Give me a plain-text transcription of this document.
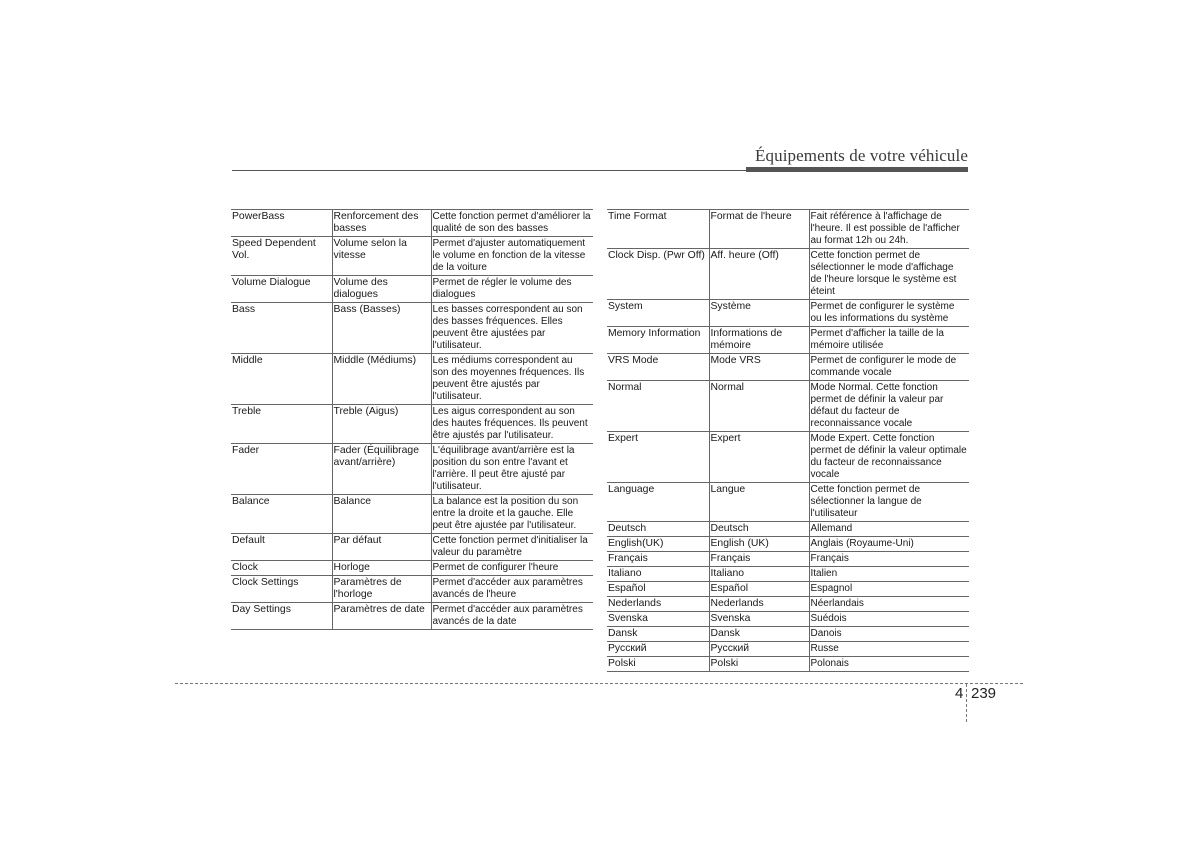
Équipements de votre véhicule
PowerBass	Renforcement des basses	Cette fonction permet d'améliorer la qualité de son des basses
Speed Dependent Vol.	Volume selon la vitesse	Permet d'ajuster automatiquement le volume en fonction de la vitesse de la voiture
Volume Dialogue	Volume des dialogues	Permet de régler le volume des dialogues
Bass	Bass (Basses)	Les basses correspondent au son des basses fréquences. Elles peuvent être ajustées par l'utilisateur.
Middle	Middle (Médiums)	Les médiums correspondent au son des moyennes fréquences. Ils peuvent être ajustés par l'utilisateur.
Treble	Treble (Aigus)	Les aigus correspondent au son des hautes fréquences. Ils peuvent être ajustés par l'utilisateur.
Fader	Fader (Équilibrage avant/arrière)	L'équilibrage avant/arrière est la position du son entre l'avant et l'arrière. Il peut être ajusté par l'utilisateur.
Balance	Balance	La balance est la position du son entre la droite et la gauche. Elle peut être ajustée par l'utilisateur.
Default	Par défaut	Cette fonction permet d'initialiser la valeur du paramètre
Clock	Horloge	Permet de configurer l'heure
Clock Settings	Paramètres de l'horloge	Permet d'accéder aux paramètres avancés de l'heure
Day Settings	Paramètres de date	Permet d'accéder aux paramètres avancés de la date
Time Format	Format de l'heure	Fait référence à l'affichage de l'heure. Il est possible de l'afficher au format 12h ou 24h.
Clock Disp. (Pwr Off)	Aff. heure (Off)	Cette fonction permet de sélectionner le mode d'affichage de l'heure lorsque le système est éteint
System	Système	Permet de configurer le système ou les informations du système
Memory Information	Informations de mémoire	Permet d'afficher la taille de la mémoire utilisée
VRS Mode	Mode VRS	Permet de configurer le mode de commande vocale
Normal	Normal	Mode Normal. Cette fonction permet de définir la valeur par défaut du facteur de reconnaissance vocale
Expert	Expert	Mode Expert. Cette fonction permet de définir la valeur optimale du facteur de reconnaissance vocale
Language	Langue	Cette fonction permet de sélectionner la langue de l'utilisateur
Deutsch	Deutsch	Allemand
English(UK)	English (UK)	Anglais (Royaume-Uni)
Français	Français	Français
Italiano	Italiano	Italien
Español	Español	Espagnol
Nederlands	Nederlands	Néerlandais
Svenska	Svenska	Suédois
Dansk	Dansk	Danois
Русский	Русский	Russe
Polski	Polski	Polonais
4 239
